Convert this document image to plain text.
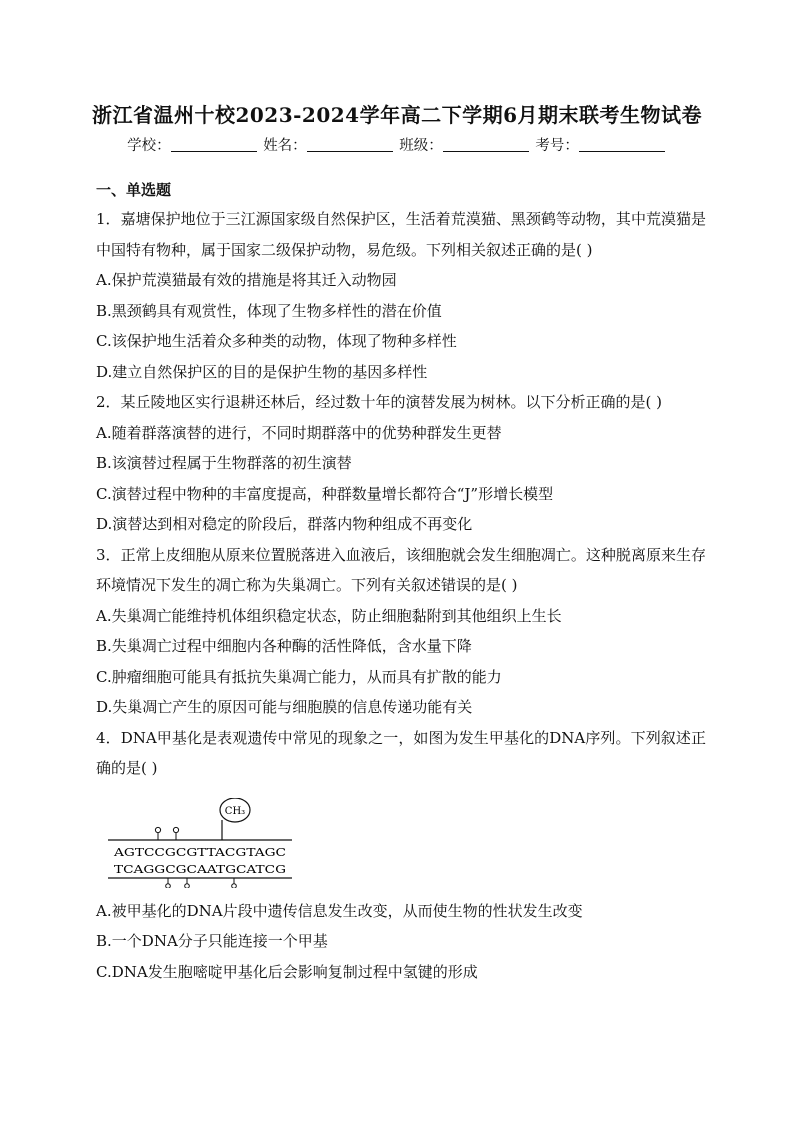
浙江省温州十校2023-2024学年高二下学期6月期末联考生物试卷
学校：	姓名：	班级：	考号：
一、单选题
1．嘉塘保护地位于三江源国家级自然保护区，生活着荒漠猫、黑颈鹤等动物，其中荒漠猫是中国特有物种，属于国家二级保护动物，易危级。下列相关叙述正确的是( )
A.保护荒漠猫最有效的措施是将其迁入动物园
B.黑颈鹤具有观赏性，体现了生物多样性的潜在价值
C.该保护地生活着众多种类的动物，体现了物种多样性
D.建立自然保护区的目的是保护生物的基因多样性
2．某丘陵地区实行退耕还林后，经过数十年的演替发展为树林。以下分析正确的是( )
A.随着群落演替的进行，不同时期群落中的优势种群发生更替
B.该演替过程属于生物群落的初生演替
C.演替过程中物种的丰富度提高，种群数量增长都符合“J”形增长模型
D.演替达到相对稳定的阶段后，群落内物种组成不再变化
3．正常上皮细胞从原来位置脱落进入血液后，该细胞就会发生细胞凋亡。这种脱离原来生存环境情况下发生的凋亡称为失巢凋亡。下列有关叙述错误的是( )
A.失巢凋亡能维持机体组织稳定状态，防止细胞黏附到其他组织上生长
B.失巢凋亡过程中细胞内各种酶的活性降低，含水量下降
C.肿瘤细胞可能具有抵抗失巢凋亡能力，从而具有扩散的能力
D.失巢凋亡产生的原因可能与细胞膜的信息传递功能有关
4．DNA甲基化是表观遗传中常见的现象之一，如图为发生甲基化的DNA序列。下列叙述正确的是( )
CH₃
AGTCCGCGTTACGTAGC
TCAGGCGCAATGCATCG
A.被甲基化的DNA片段中遗传信息发生改变，从而使生物的性状发生改变
B.一个DNA分子只能连接一个甲基
C.DNA发生胞嘧啶甲基化后会影响复制过程中氢键的形成
